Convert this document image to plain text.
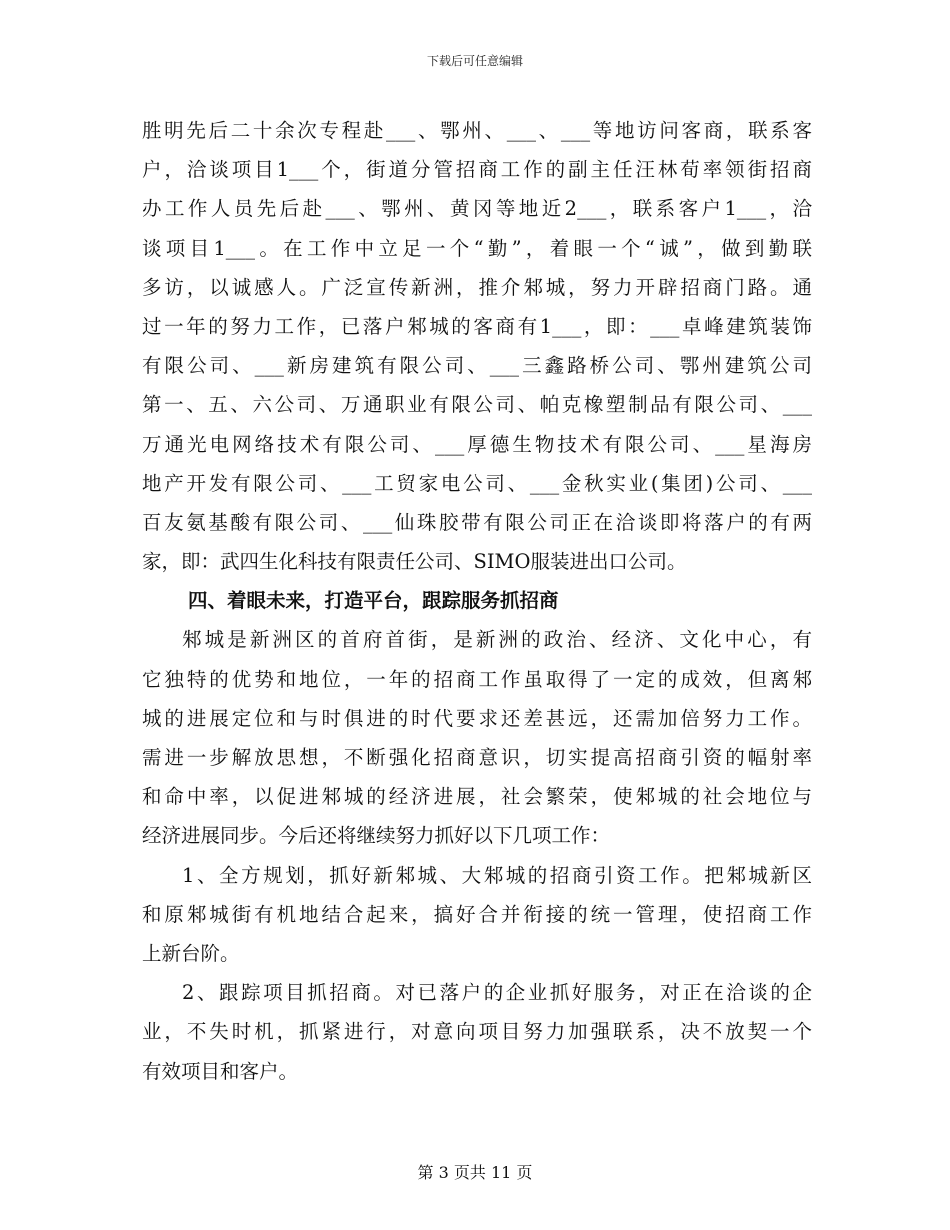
下载后可任意编辑
胜明先后二十余次专程赴___、鄂州、___、___等地访问客商，联系客
户，洽谈项目1___个，街道分管招商工作的副主任汪林荀率领街招商
办工作人员先后赴___、鄂州、黄冈等地近2___，联系客户1___，洽
谈项目1___。在工作中立足一个“勤”，着眼一个“诚”，做到勤联
多访，以诚感人。广泛宣传新洲，推介邾城，努力开辟招商门路。通
过一年的努力工作，已落户邾城的客商有1___，即：___卓峰建筑装饰
有限公司、___新房建筑有限公司、___三鑫路桥公司、鄂州建筑公司
第一、五、六公司、万通职业有限公司、帕克橡塑制品有限公司、___
万通光电网络技术有限公司、___厚德生物技术有限公司、___星海房
地产开发有限公司、___工贸家电公司、___金秋实业(集团)公司、___
百友氨基酸有限公司、___仙珠胶带有限公司正在洽谈即将落户的有两
家，即：武四生化科技有限责任公司、SIMO服装进出口公司。
四、着眼未来，打造平台，跟踪服务抓招商
邾城是新洲区的首府首街，是新洲的政治、经济、文化中心，有
它独特的优势和地位，一年的招商工作虽取得了一定的成效，但离邾
城的进展定位和与时俱进的时代要求还差甚远，还需加倍努力工作。
需进一步解放思想，不断强化招商意识，切实提高招商引资的幅射率
和命中率，以促进邾城的经济进展，社会繁荣，使邾城的社会地位与
经济进展同步。今后还将继续努力抓好以下几项工作：
1、全方规划，抓好新邾城、大邾城的招商引资工作。把邾城新区
和原邾城街有机地结合起来，搞好合并衔接的统一管理，使招商工作
上新台阶。
2、跟踪项目抓招商。对已落户的企业抓好服务，对正在洽谈的企
业，不失时机，抓紧进行，对意向项目努力加强联系，决不放契一个
有效项目和客户。
第 3 页共 11 页
